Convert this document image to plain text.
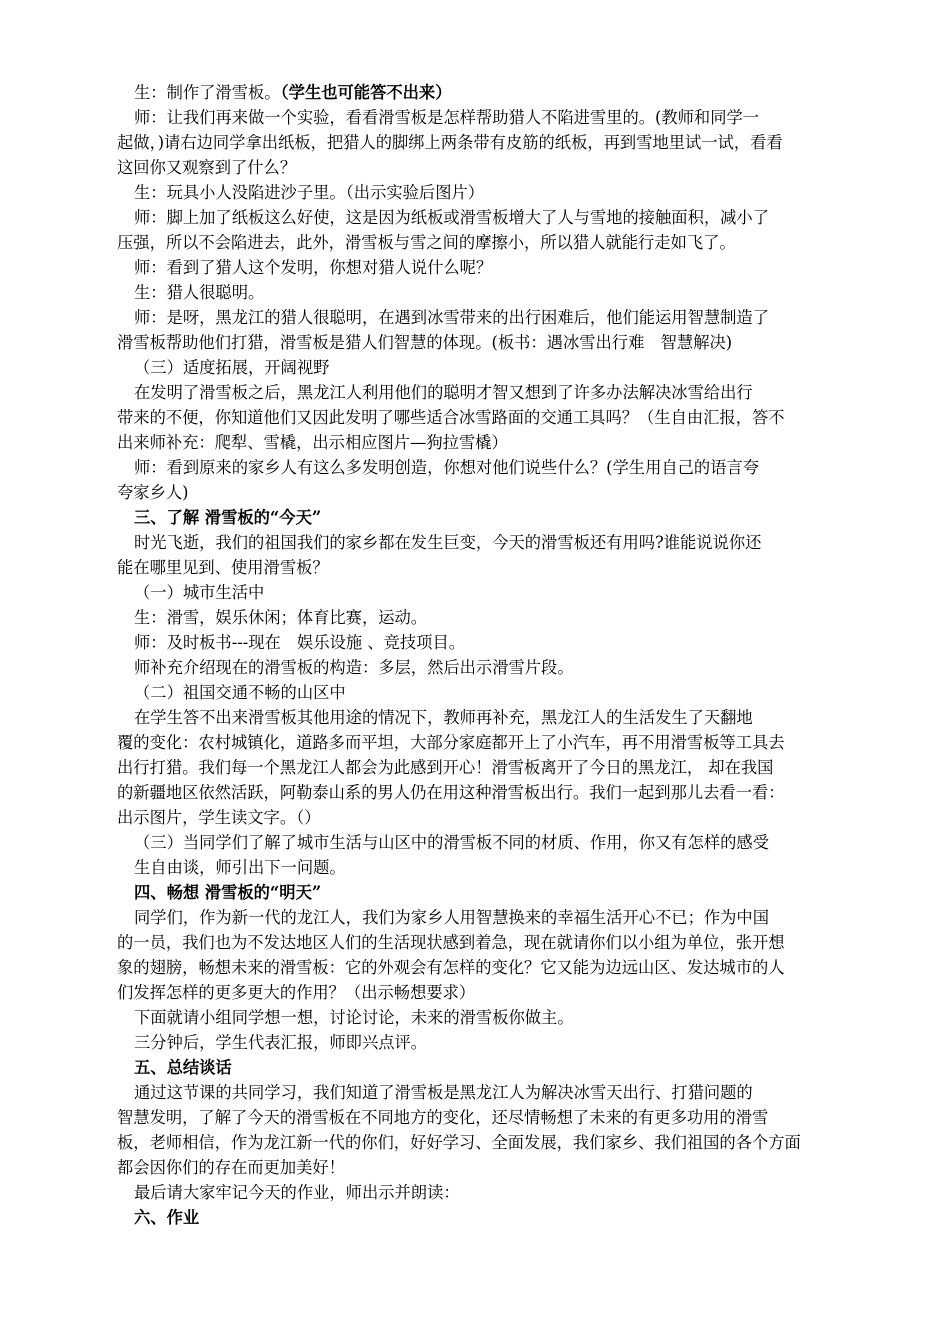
生：制作了滑雪板。（学生也可能答不出来）
师：让我们再来做一个实验，看看滑雪板是怎样帮助猎人不陷进雪里的。(教师和同学一
起做，)请右边同学拿出纸板，把猎人的脚绑上两条带有皮筋的纸板，再到雪地里试一试，看看
这回你又观察到了什么？
生：玩具小人没陷进沙子里。（出示实验后图片）
师：脚上加了纸板这么好使，这是因为纸板或滑雪板增大了人与雪地的接触面积，减小了
压强，所以不会陷进去，此外，滑雪板与雪之间的摩擦小，所以猎人就能行走如飞了。
师：看到了猎人这个发明，你想对猎人说什么呢？
生：猎人很聪明。
师：是呀，黑龙江的猎人很聪明，在遇到冰雪带来的出行困难后，他们能运用智慧制造了
滑雪板帮助他们打猎，滑雪板是猎人们智慧的体现。(板书：遇冰雪出行难　智慧解决)
（三）适度拓展，开阔视野
在发明了滑雪板之后，黑龙江人利用他们的聪明才智又想到了许多办法解决冰雪给出行
带来的不便，你知道他们又因此发明了哪些适合冰雪路面的交通工具吗？（生自由汇报，答不
出来师补充：爬犁、雪橇，出示相应图片—狗拉雪橇）
师：看到原来的家乡人有这么多发明创造，你想对他们说些什么？(学生用自己的语言夸
夸家乡人)
三、了解 滑雪板的“今天”
时光飞逝，我们的祖国我们的家乡都在发生巨变，今天的滑雪板还有用吗?谁能说说你还
能在哪里见到、使用滑雪板？
（一）城市生活中
生：滑雪，娱乐休闲；体育比赛，运动。
师：及时板书---现在　娱乐设施 、竞技项目。
师补充介绍现在的滑雪板的构造：多层，然后出示滑雪片段。
（二）祖国交通不畅的山区中
在学生答不出来滑雪板其他用途的情况下，教师再补充，黑龙江人的生活发生了天翻地
覆的变化：农村城镇化，道路多而平坦，大部分家庭都开上了小汽车，再不用滑雪板等工具去
出行打猎。我们每一个黑龙江人都会为此感到开心！滑雪板离开了今日的黑龙江， 却在我国
的新疆地区依然活跃，阿勒泰山系的男人仍在用这种滑雪板出行。我们一起到那儿去看一看：
出示图片，学生读文字。（）
（三）当同学们了解了城市生活与山区中的滑雪板不同的材质、作用，你又有怎样的感受
生自由谈，师引出下一问题。
四、畅想 滑雪板的“明天”
同学们，作为新一代的龙江人，我们为家乡人用智慧换来的幸福生活开心不已；作为中国
的一员，我们也为不发达地区人们的生活现状感到着急，现在就请你们以小组为单位，张开想
象的翅膀，畅想未来的滑雪板：它的外观会有怎样的变化？它又能为边远山区、发达城市的人
们发挥怎样的更多更大的作用？（出示畅想要求）
下面就请小组同学想一想，讨论讨论，未来的滑雪板你做主。
三分钟后，学生代表汇报，师即兴点评。
五、总结谈话
通过这节课的共同学习，我们知道了滑雪板是黑龙江人为解决冰雪天出行、打猎问题的
智慧发明，了解了今天的滑雪板在不同地方的变化，还尽情畅想了未来的有更多功用的滑雪
板，老师相信，作为龙江新一代的你们，好好学习、全面发展，我们家乡、我们祖国的各个方面
都会因你们的存在而更加美好！
最后请大家牢记今天的作业，师出示并朗读：
六、作业
